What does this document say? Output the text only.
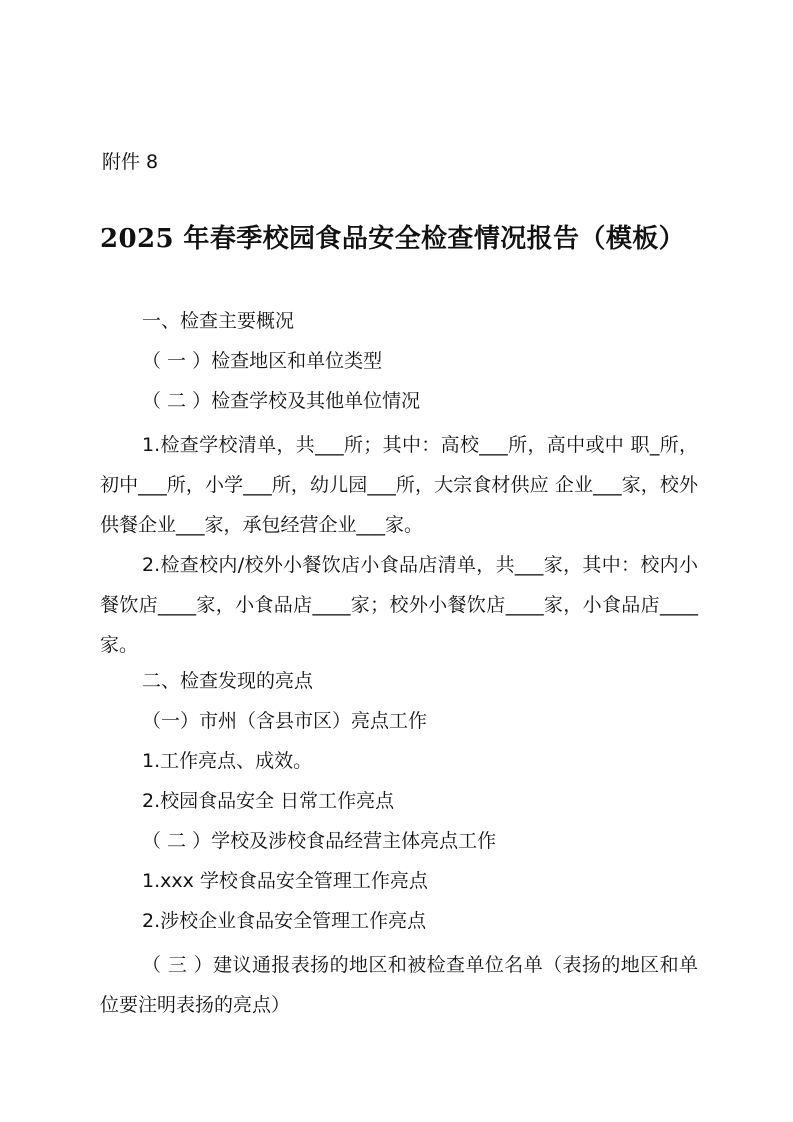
附件 8
2025 年春季校园食品安全检查情况报告（模板）
一、检查主要概况
（ 一 ）检查地区和单位类型
（ 二 ）检查学校及其他单位情况
1.检查学校清单，共___所；其中：高校___所，高中或中 职_所，初中___所，小学___所，幼儿园___所，大宗食材供应 企业___家，校外供餐企业___家，承包经营企业___家。
2.检查校内/校外小餐饮店小食品店清单，共___家，其中：校内小餐饮店____家，小食品店____家；校外小餐饮店____家，小食品店____家。
二、检查发现的亮点
（一）市州（含县市区）亮点工作
1.工作亮点、成效。
2.校园食品安全 日常工作亮点
（ 二 ）学校及涉校食品经营主体亮点工作
1.xxx 学校食品安全管理工作亮点
2.涉校企业食品安全管理工作亮点
（ 三 ）建议通报表扬的地区和被检查单位名单（表扬的地区和单位要注明表扬的亮点）
